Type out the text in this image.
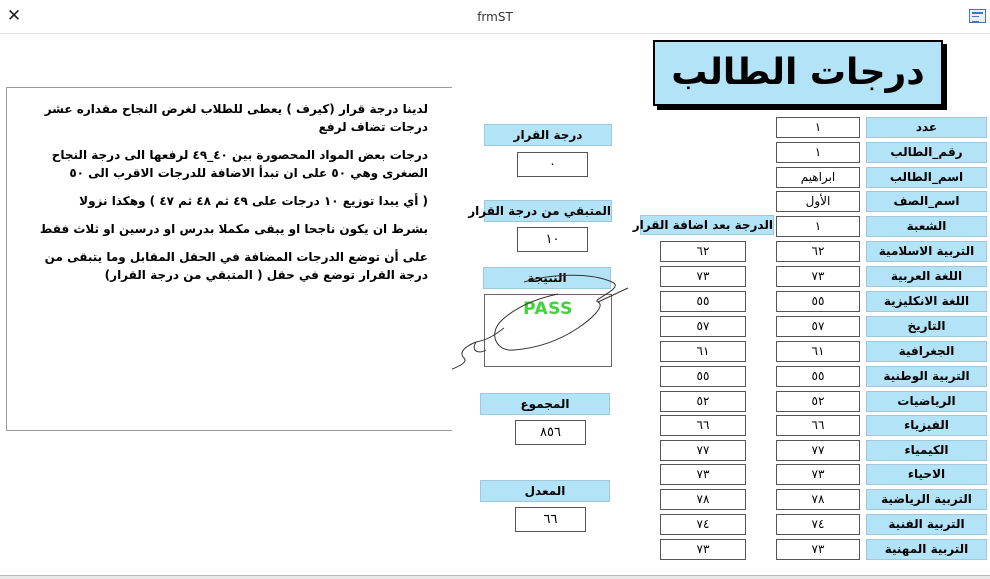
frmST
✕
درجات الطالب
عدد
١
رقم_الطالب
١
اسم_الطالب
ابراهيم
اسم_الصف
الأول
الشعبة
١
الدرجة بعد اضافة القرار
التربية الاسلامية
٦٢
٦٢
اللغة العربية
٧٣
٧٣
اللغة الانكليزية
٥٥
٥٥
التاريخ
٥٧
٥٧
الجغرافية
٦١
٦١
التربية الوطنية
٥٥
٥٥
الرياضيات
٥٢
٥٢
الفيزياء
٦٦
٦٦
الكيمياء
٧٧
٧٧
الاحياء
٧٣
٧٣
التربية الرياضية
٧٨
٧٨
التربية الفنية
٧٤
٧٤
التربية المهنية
٧٣
٧٣
درجة القرار
٠
المتبقي من درجة القرار
١٠
النتيجة
PASS
المجموع
٨٥٦
المعدل
٦٦

لدينا درجة قرار (كيرف ) يعطى للطلاب لغرض النجاح مقداره عشر درجات تضاف لرفع

درجات بعض المواد المحصورة بين ٤٠_٤٩ لرفعها الى درجة النجاح الصغرى وهي ٥٠ على ان تبدأ الاضافة للدرجات الاقرب الى ٥٠

( أي يبدا توزيع ١٠ درجات على ٤٩ ثم ٤٨ ثم ٤٧ ) وهكذا نزولا

بشرط ان يكون ناجحا او يبقى مكملا بدرس او درسين او ثلاث فقط

على أن توضع الدرجات المضافة في الحقل المقابل وما يتبقى من درجة القرار توضع في حقل ( المتبقي من درجة القرار)
